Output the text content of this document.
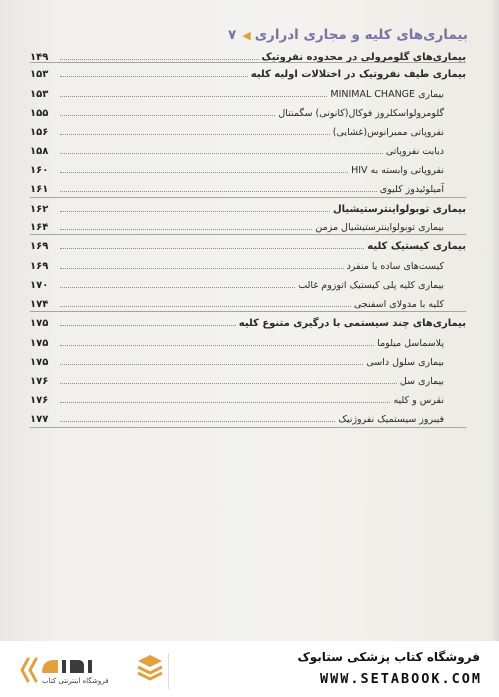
بیماری‌های کلیه و مجاری ادراری
◀
۷
بیماری‌های گلومرولی در محدوده نفروتیک
۱۴۹
بیماری طیف نفروتیک در اختلالات اولیه کلیه
۱۵۳
بیماری MINIMAL CHANGE
۱۵۳
گلومرولواسکلروز فوکال(کانونی) سگمنتال
۱۵۵
نفروپاتی ممبرانوس(غشایی)
۱۵۶
دیابت نفروپاتی
۱۵۸
نفروپاتی وابسته به HIV
۱۶۰
آمیلوئیدوز کلیوی
۱۶۱
بیماری توبولواینترستیشیال
۱۶۲
بیماری توبولواینترستیشیال مزمن
۱۶۴
بیماری کیستیک کلیه
۱۶۹
کیست‌های ساده یا منفرد
۱۶۹
بیماری کلیه پلی کیستیک اتوزوم غالب
۱۷۰
کلیه با مدولای اسفنجی
۱۷۴
بیماری‌های چند سیستمی با درگیری متنوع کلیه
۱۷۵
پلاسماسل میلوما
۱۷۵
بیماری سلول داسی
۱۷۵
بیماری سل
۱۷۶
نقرس و کلیه
۱۷۶
فیبروز سیستمیک نفروژنیک
۱۷۷
فروشگاه اینترنتی کتاب
فروشگاه کتاب پزشکی ستابوک
WWW.SETABOOK.COM
